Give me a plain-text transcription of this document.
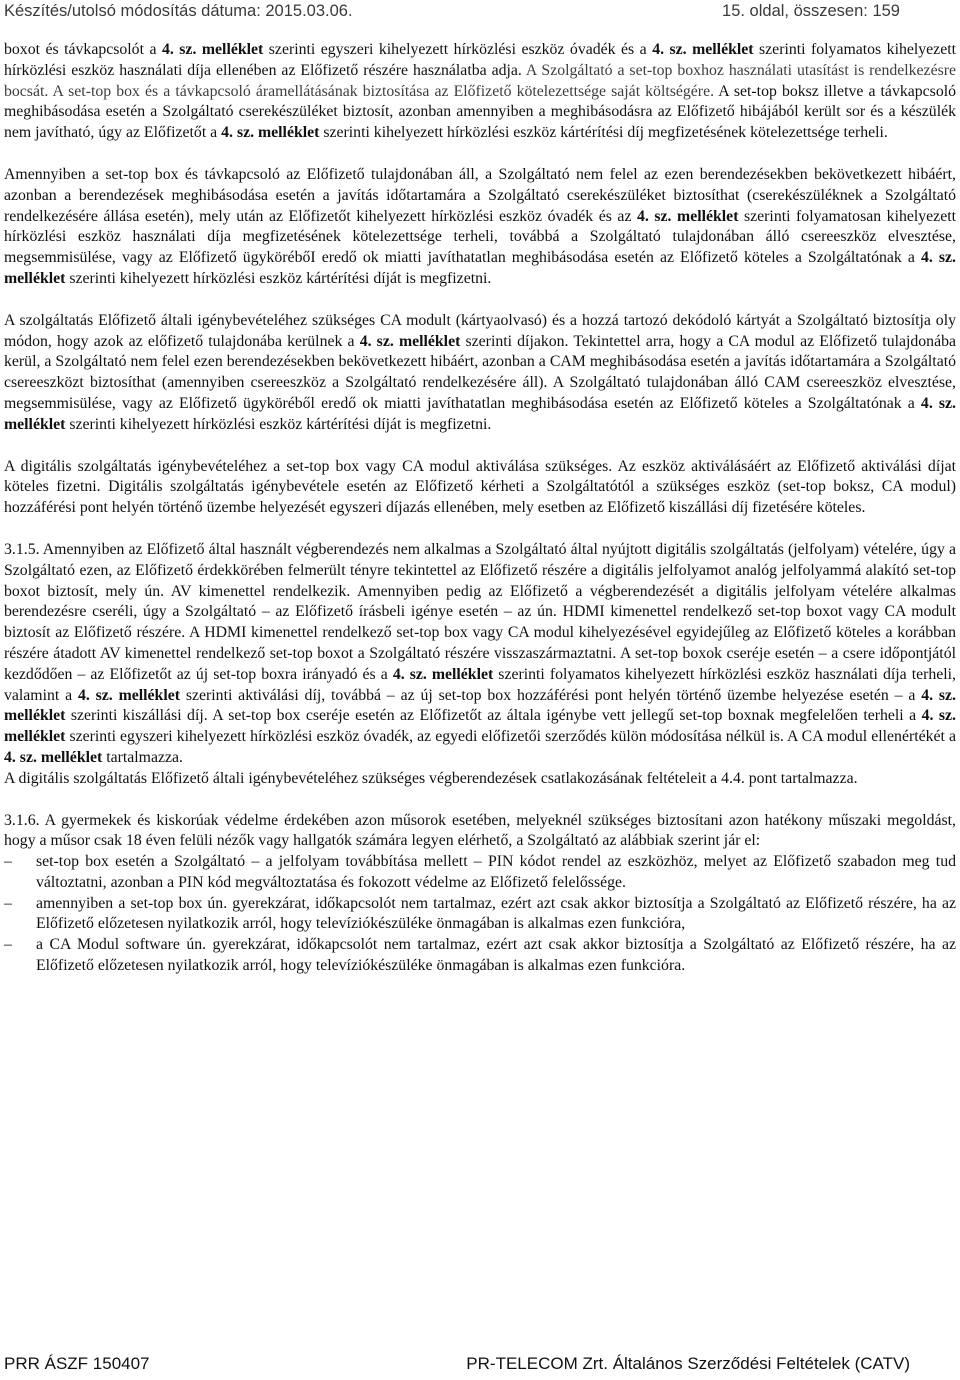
Készítés/utolsó módosítás dátuma: 2015.03.06.	15. oldal, összesen: 159

boxot és távkapcsolót a 4. sz. melléklet szerinti egyszeri kihelyezett hírközlési eszköz óvadék és a 4. sz. melléklet szerinti folyamatos kihelyezett hírközlési eszköz használati díja ellenében az Előfizető részére használatba adja. A Szolgáltató a set-top boxhoz használati utasítást is rendelkezésre bocsát. A set-top box és a távkapcsoló áramellátásának biztosítása az Előfizető kötelezettsége saját költségére. A set-top boksz illetve a távkapcsoló meghibásodása esetén a Szolgáltató cserekészüléket biztosít, azonban amennyiben a meghibásodásra az Előfizető hibájából került sor és a készülék nem javítható, úgy az Előfizetőt a 4. sz. melléklet szerinti kihelyezett hírközlési eszköz kártérítési díj megfizetésének kötelezettsége terheli.

Amennyiben a set-top box és távkapcsoló az Előfizető tulajdonában áll, a Szolgáltató nem felel az ezen berendezésekben bekövetkezett hibáért, azonban a berendezések meghibásodása esetén a javítás időtartamára a Szolgáltató cserekészüléket biztosíthat (cserekészüléknek a Szolgáltató rendelkezésére állása esetén), mely után az Előfizetőt kihelyezett hírközlési eszköz óvadék és az 4. sz. melléklet szerinti folyamatosan kihelyezett hírközlési eszköz használati díja megfizetésének kötelezettsége terheli, továbbá a Szolgáltató tulajdonában álló csereeszköz elvesztése, megsemmisülése, vagy az Előfizető ügykörébőI eredő ok miatti javíthatatlan meghibásodása esetén az Előfizető köteles a Szolgáltatónak a 4. sz. melléklet szerinti kihelyezett hírközlési eszköz kártérítési díját is megfizetni.

A szolgáltatás Előfizető általi igénybevételéhez szükséges CA modult (kártyaolvasó) és a hozzá tartozó dekódoló kártyát a Szolgáltató biztosítja oly módon, hogy azok az előfizető tulajdonába kerülnek a 4. sz. melléklet szerinti díjakon. Tekintettel arra, hogy a CA modul az Előfizető tulajdonába kerül, a Szolgáltató nem felel ezen berendezésekben bekövetkezett hibáért, azonban a CAM meghibásodása esetén a javítás időtartamára a Szolgáltató csereeszközt biztosíthat (amennyiben csereeszköz a Szolgáltató rendelkezésére áll). A Szolgáltató tulajdonában álló CAM csereeszköz elvesztése, megsemmisülése, vagy az Előfizető ügyköréből eredő ok miatti javíthatatlan meghibásodása esetén az Előfizető köteles a Szolgáltatónak a 4. sz. melléklet szerinti kihelyezett hírközlési eszköz kártérítési díját is megfizetni.

A digitális szolgáltatás igénybevételéhez a set-top box vagy CA modul aktiválása szükséges. Az eszköz aktiválásáért az Előfizető aktiválási díjat köteles fizetni. Digitális szolgáltatás igénybevétele esetén az Előfizető kérheti a Szolgáltatótól a szükséges eszköz (set-top boksz, CA modul) hozzáférési pont helyén történő üzembe helyezését egyszeri díjazás ellenében, mely esetben az Előfizető kiszállási díj fizetésére köteles.

3.1.5. Amennyiben az Előfizető által használt végberendezés nem alkalmas a Szolgáltató által nyújtott digitális szolgáltatás (jelfolyam) vételére, úgy a Szolgáltató ezen, az Előfizető érdekkörében felmerült tényre tekintettel az Előfizető részére a digitális jelfolyamot analóg jelfolyammá alakító set-top boxot biztosít, mely ún. AV kimenettel rendelkezik. Amennyiben pedig az Előfizető a végberendezését a digitális jelfolyam vételére alkalmas berendezésre cseréli, úgy a Szolgáltató – az Előfizető írásbeli igénye esetén – az ún. HDMI kimenettel rendelkező set-top boxot vagy CA modult biztosít az Előfizető részére. A HDMI kimenettel rendelkező set-top box vagy CA modul kihelyezésével egyidejűleg az Előfizető köteles a korábban részére átadott AV kimenettel rendelkező set-top boxot a Szolgáltató részére visszaszármaztatni. A set-top boxok cseréje esetén – a csere időpontjától kezdődően – az Előfizetőt az új set-top boxra irányadó és a 4. sz. melléklet szerinti folyamatos kihelyezett hírközlési eszköz használati díja terheli, valamint a 4. sz. melléklet szerinti aktiválási díj, továbbá – az új set-top box hozzáférési pont helyén történő üzembe helyezése esetén – a 4. sz. melléklet szerinti kiszállási díj. A set-top box cseréje esetén az Előfizetőt az általa igénybe vett jellegű set-top boxnak megfelelően terheli a 4. sz. melléklet szerinti egyszeri kihelyezett hírközlési eszköz óvadék, az egyedi előfizetői szerződés külön módosítása nélkül is. A CA modul ellenértékét a 4. sz. melléklet tartalmazza.

A digitális szolgáltatás Előfizető általi igénybevételéhez szükséges végberendezések csatlakozásának feltételeit a 4.4. pont tartalmazza.

3.1.6. A gyermekek és kiskorúak védelme érdekében azon műsorok esetében, melyeknél szükséges biztosítani azon hatékony műszaki megoldást, hogy a műsor csak 18 éven felüli nézők vagy hallgatók számára legyen elérhető, a Szolgáltató az alábbiak szerint jár el:

–	set-top box esetén a Szolgáltató – a jelfolyam továbbítása mellett – PIN kódot rendel az eszközhöz, melyet az Előfizető szabadon meg tud változtatni, azonban a PIN kód megváltoztatása és fokozott védelme az Előfizető felelőssége.
–	amennyiben a set-top box ún. gyerekzárat, időkapcsolót nem tartalmaz, ezért azt csak akkor biztosítja a Szolgáltató az Előfizető részére, ha az Előfizető előzetesen nyilatkozik arról, hogy televíziókészüléke önmagában is alkalmas ezen funkcióra,
–	a CA Modul software ún. gyerekzárat, időkapcsolót nem tartalmaz, ezért azt csak akkor biztosítja a Szolgáltató az Előfizető részére, ha az Előfizető előzetesen nyilatkozik arról, hogy televíziókészüléke önmagában is alkalmas ezen funkcióra.
PRR ÁSZF 150407	PR-TELECOM Zrt. Általános Szerződési Feltételek (CATV)
